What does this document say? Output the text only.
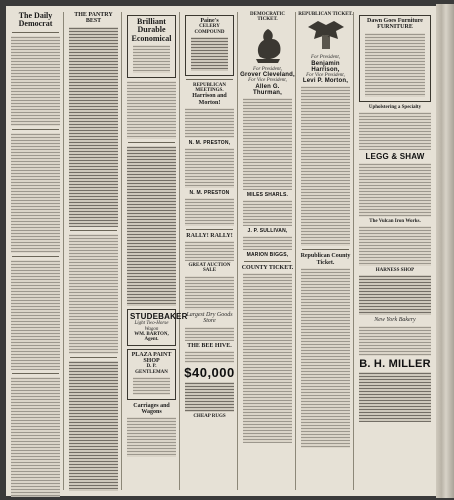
The Daily Democrat
THE PANTRY BEST	Brilliant
Durable
Economical
STUDEBAKER
Light Two-Horse Wagon
WM. BARTON, Agent.
PLAZA PAINT SHOP
D. P. GENTLEMAN
Carriages and Wagons
Paine's
CELERY COMPOUND
REPUBLICAN MEETINGS.
Harrison and Morton!
N. M. PRESTON,
N. M. PRESTON
RALLY! RALLY!
GREAT AUCTION SALE
Largest Dry Goods Store
THE BEE HIVE.
$40,000
CHEAP RUGS
DEMOCRATIC TICKET.
For President,
Grover Cleveland,
For Vice President,
Allen G. Thurman,
MILES SHARLS.
J. P. SULLIVAN,
MARION BIGGS,
COUNTY TICKET.
REPUBLICAN TICKET.
For President,
Benjamin Harrison,
For Vice President,
Levi P. Morton,
Republican County Ticket.
Dawn Goes Furniture
FURNITURE
Upholstering a Specialty
LEGG & SHAW
The Vulcan Iron Works.
HARNESS SHOP
New York Bakery
B. H. MILLER
